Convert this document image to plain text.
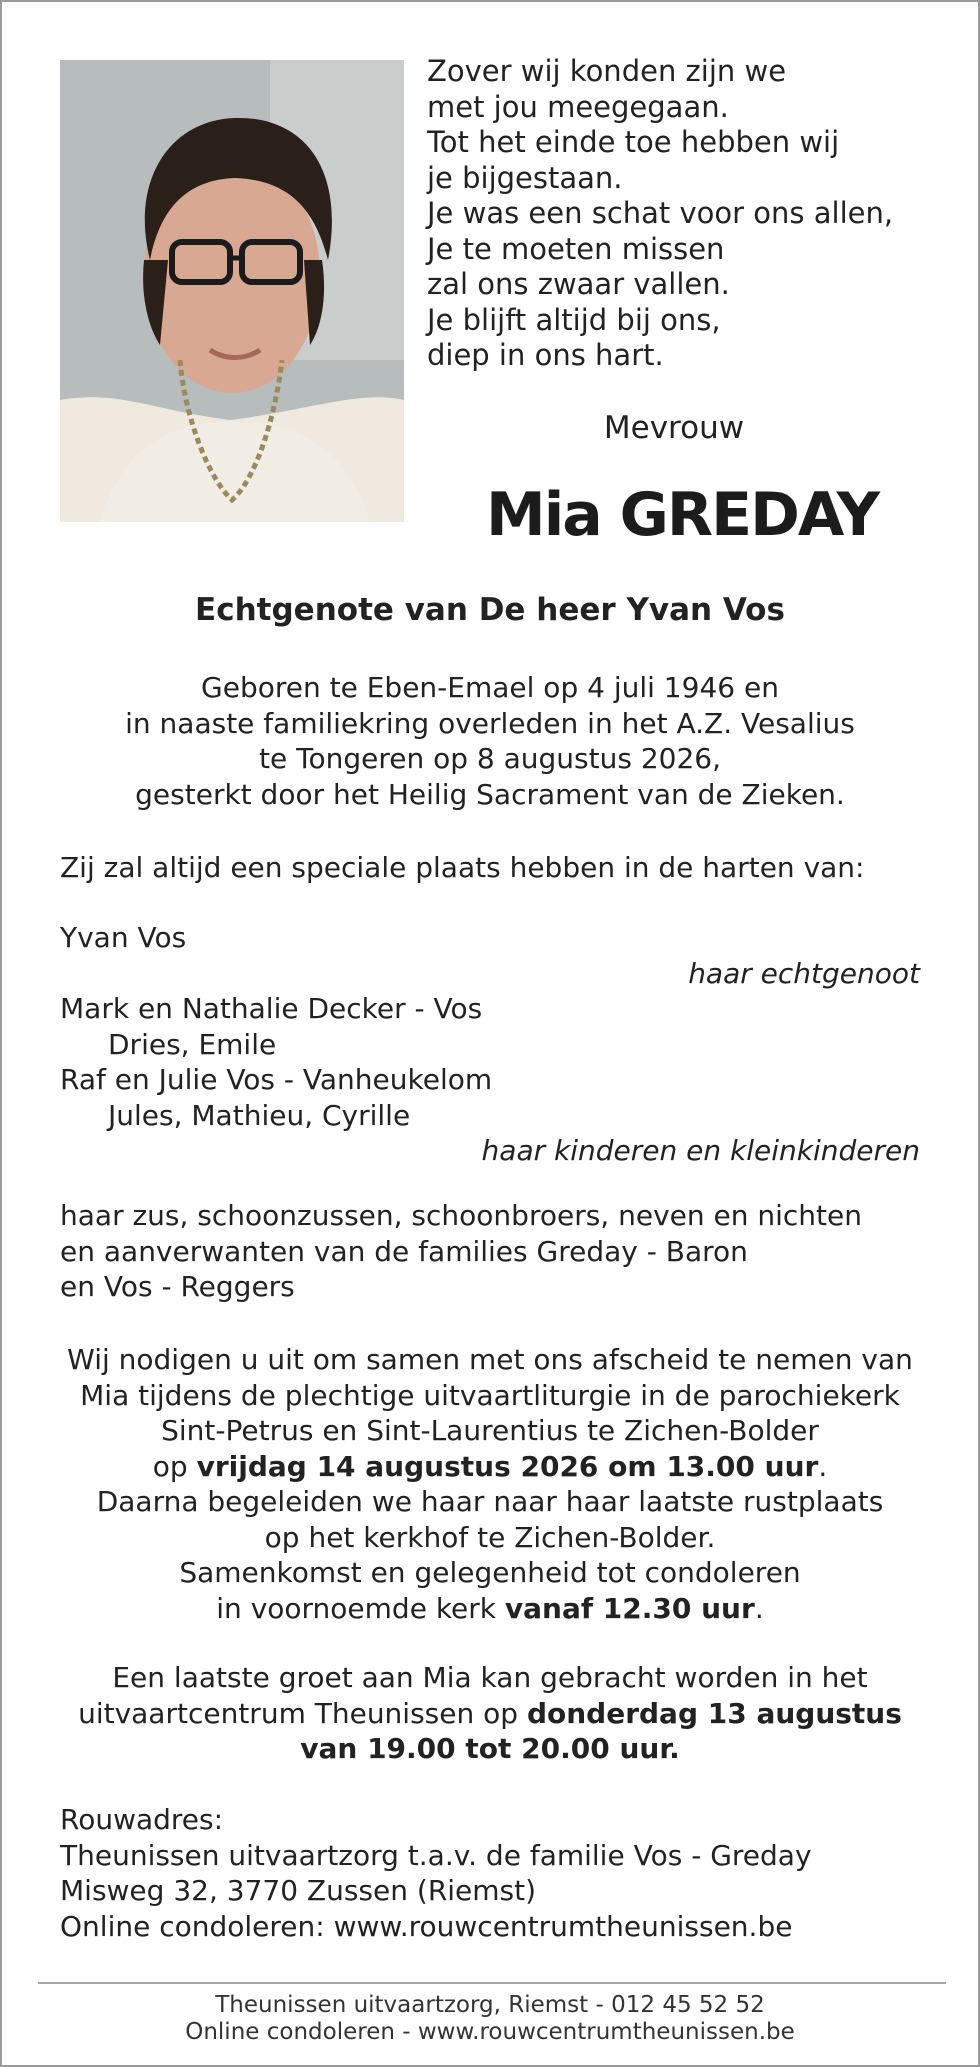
Zover wij konden zijn we
met jou meegegaan.
Tot het einde toe hebben wij
je bijgestaan.
Je was een schat voor ons allen,
Je te moeten missen
zal ons zwaar vallen.
Je blijft altijd bij ons,
diep in ons hart.
Mevrouw
Mia GREDAY
Echtgenote van De heer Yvan Vos
Geboren te Eben-Emael op 4 juli 1946 en
in naaste familiekring overleden in het A.Z. Vesalius
te Tongeren op 8 augustus 2026,
gesterkt door het Heilig Sacrament van de Zieken.
Zij zal altijd een speciale plaats hebben in de harten van:
Yvan Vos
haar echtgenoot
Mark en Nathalie Decker - Vos
Dries, Emile
Raf en Julie Vos - Vanheukelom
Jules, Mathieu, Cyrille
haar kinderen en kleinkinderen
haar zus, schoonzussen, schoonbroers, neven en nichten
en aanverwanten van de families Greday - Baron
en Vos - Reggers
Wij nodigen u uit om samen met ons afscheid te nemen van
Mia tijdens de plechtige uitvaartliturgie in de parochiekerk
Sint-Petrus en Sint-Laurentius te Zichen-Bolder
op vrijdag 14 augustus 2026 om 13.00 uur.
Daarna begeleiden we haar naar haar laatste rustplaats
op het kerkhof te Zichen-Bolder.
Samenkomst en gelegenheid tot condoleren
in voornoemde kerk vanaf 12.30 uur.
Een laatste groet aan Mia kan gebracht worden in het
uitvaartcentrum Theunissen op donderdag 13 augustus
van 19.00 tot 20.00 uur.
Rouwadres:
Theunissen uitvaartzorg t.a.v. de familie Vos - Greday
Misweg 32, 3770 Zussen (Riemst)
Online condoleren: www.rouwcentrumtheunissen.be
Theunissen uitvaartzorg, Riemst - 012 45 52 52
Online condoleren - www.rouwcentrumtheunissen.be
